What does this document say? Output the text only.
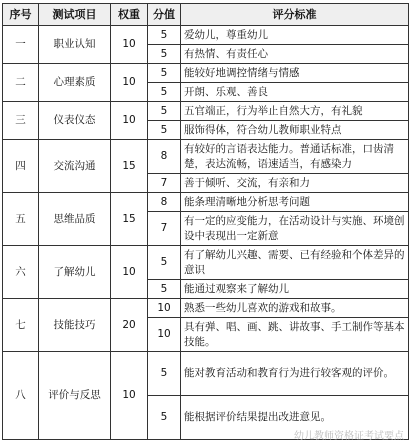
序号	测试项目	权重	分值	评分标准
一	职业认知	10	5	爱幼儿，尊重幼儿
			5	有热情、有责任心
二	心理素质	10	5	能较好地调控情绪与情感
			5	开朗、乐观、善良
三	仪表仪态	10	5	五官端正，行为举止自然大方，有礼貌
			5	服饰得体，符合幼儿教师职业特点
四	交流沟通	15	8	有较好的言语表达能力。普通话标准，口齿清楚，表达流畅，语速适当，有感染力
			7	善于倾听、交流，有亲和力
五	思维品质	15	8	能条理清晰地分析思考问题
			7	有一定的应变能力，在活动设计与实施、环境创设中表现出一定新意
六	了解幼儿	10	5	有了解幼儿兴趣、需要、已有经验和个体差异的意识
			5	能通过观察来了解幼儿
七	技能技巧	20	10	熟悉一些幼儿喜欢的游戏和故事。
			10	具有弹、唱、画、跳、讲故事、手工制作等基本技能。
八	评价与反思	10	5	能对教育活动和教育行为进行较客观的评价。
			5	能根据评价结果提出改进意见。
幼儿教师资格证考试要点
